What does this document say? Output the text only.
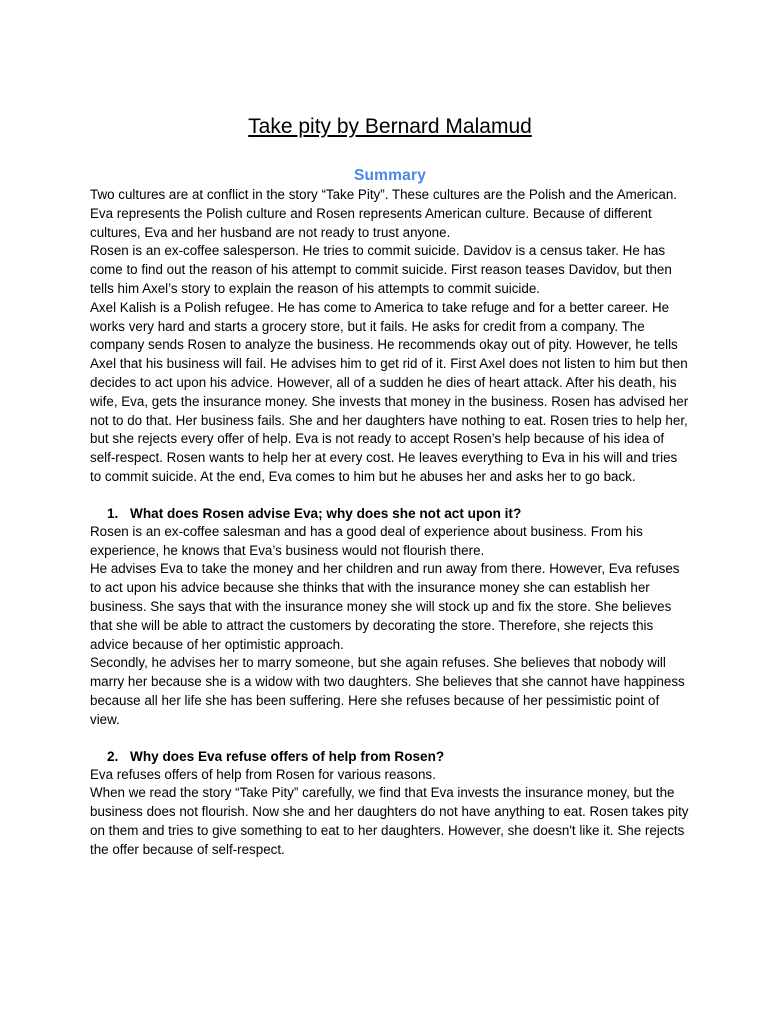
Take pity by Bernard Malamud
Summary

Two cultures are at conflict in the story “Take Pity”. These cultures are the Polish and the American. Eva represents the Polish culture and Rosen represents American culture. Because of different cultures, Eva and her husband are not ready to trust anyone.

Rosen is an ex-coffee salesperson. He tries to commit suicide. Davidov is a census taker. He has come to find out the reason of his attempt to commit suicide. First reason teases Davidov, but then tells him Axel’s story to explain the reason of his attempts to commit suicide.

Axel Kalish is a Polish refugee. He has come to America to take refuge and for a better career. He works very hard and starts a grocery store, but it fails. He asks for credit from a company. The company sends Rosen to analyze the business. He recommends okay out of pity. However, he tells Axel that his business will fail. He advises him to get rid of it. First Axel does not listen to him but then decides to act upon his advice. However, all of a sudden he dies of heart attack. After his death, his wife, Eva, gets the insurance money. She invests that money in the business. Rosen has advised her not to do that. Her business fails. She and her daughters have nothing to eat. Rosen tries to help her, but she rejects every offer of help. Eva is not ready to accept Rosen’s help because of his idea of self-respect. Rosen wants to help her at every cost. He leaves everything to Eva in his will and tries to commit suicide. At the end, Eva comes to him but he abuses her and asks her to go back.

1. What does Rosen advise Eva; why does she not act upon it?

Rosen is an ex-coffee salesman and has a good deal of experience about business. From his experience, he knows that Eva’s business would not flourish there.

He advises Eva to take the money and her children and run away from there. However, Eva refuses to act upon his advice because she thinks that with the insurance money she can establish her business. She says that with the insurance money she will stock up and fix the store. She believes that she will be able to attract the customers by decorating the store. Therefore, she rejects this advice because of her optimistic approach.

Secondly, he advises her to marry someone, but she again refuses. She believes that nobody will marry her because she is a widow with two daughters. She believes that she cannot have happiness because all her life she has been suffering. Here she refuses because of her pessimistic point of view.

2. Why does Eva refuse offers of help from Rosen?

Eva refuses offers of help from Rosen for various reasons.

When we read the story “Take Pity” carefully, we find that Eva invests the insurance money, but the business does not flourish. Now she and her daughters do not have anything to eat. Rosen takes pity on them and tries to give something to eat to her daughters. However, she doesn't like it. She rejects the offer because of self-respect.
